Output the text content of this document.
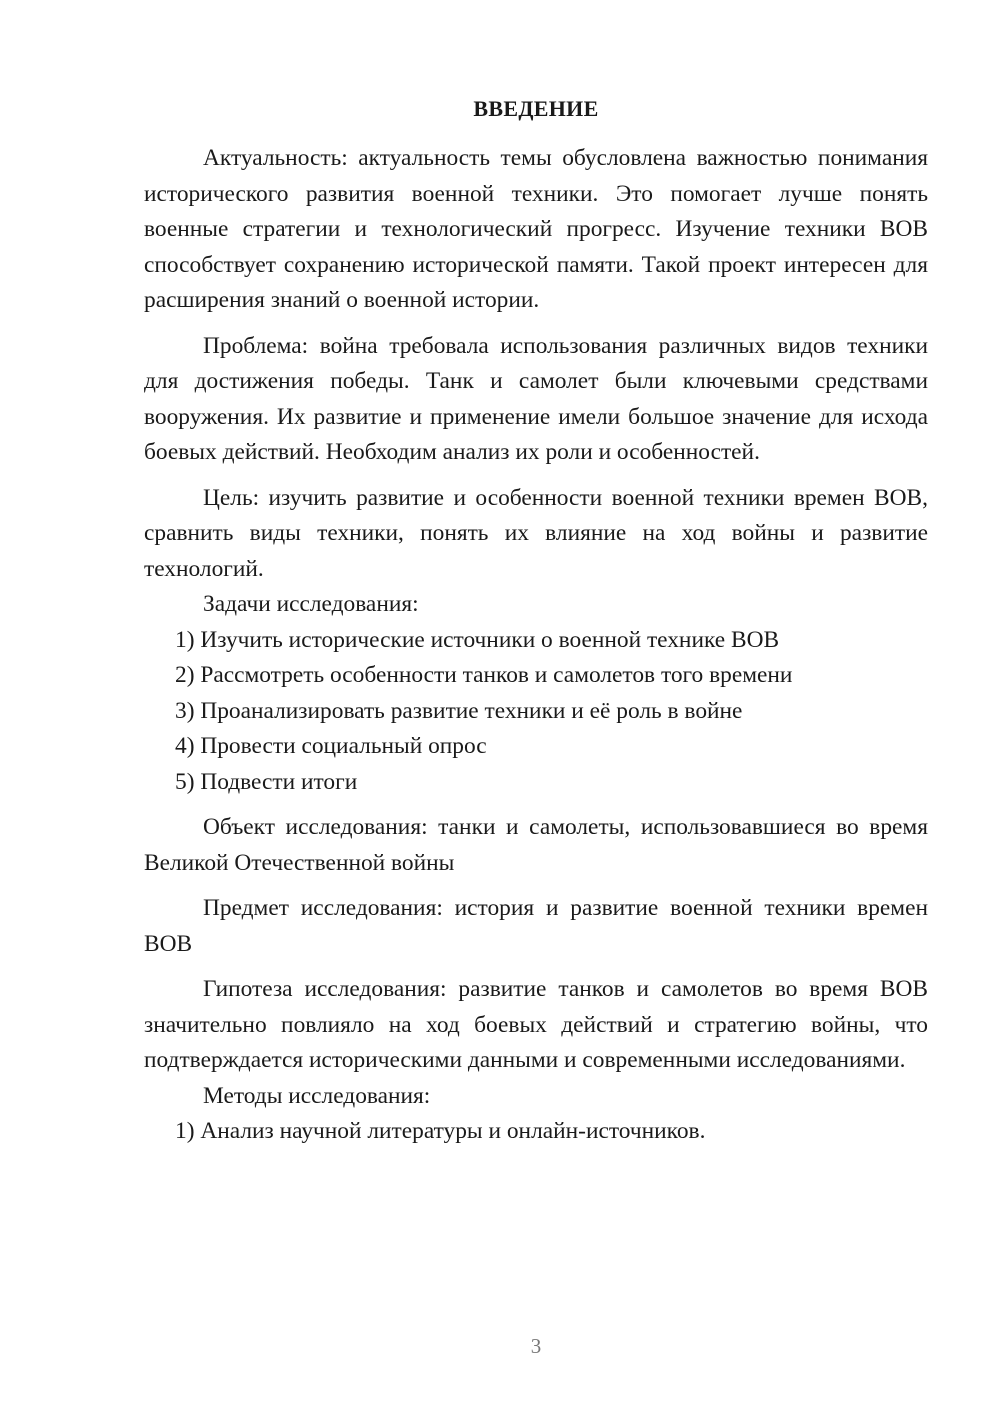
ВВЕДЕНИЕ

Актуальность: актуальность темы обусловлена важностью понимания исторического развития военной техники. Это помогает лучше понять военные стратегии и технологический прогресс. Изучение техники ВОВ способствует сохранению исторической памяти. Такой проект интересен для расширения знаний о военной истории.

Проблема: война требовала использования различных видов техники для достижения победы. Танк и самолет были ключевыми средствами вооружения. Их развитие и применение имели большое значение для исхода боевых действий. Необходим анализ их роли и особенностей.

Цель: изучить развитие и особенности военной техники времен ВОВ, сравнить виды техники, понять их влияние на ход войны и развитие технологий.

Задачи исследования:

1) Изучить исторические источники о военной технике ВОВ

2) Рассмотреть особенности танков и самолетов того времени

3) Проанализировать развитие техники и её роль в войне

4) Провести социальный опрос

5) Подвести итоги

Объект исследования: танки и самолеты, использовавшиеся во время Великой Отечественной войны

Предмет исследования: история и развитие военной техники времен ВОВ

Гипотеза исследования: развитие танков и самолетов во время ВОВ значительно повлияло на ход боевых действий и стратегию войны, что подтверждается историческими данными и современными исследованиями.

Методы исследования:

1) Анализ научной литературы и онлайн-источников.

3
